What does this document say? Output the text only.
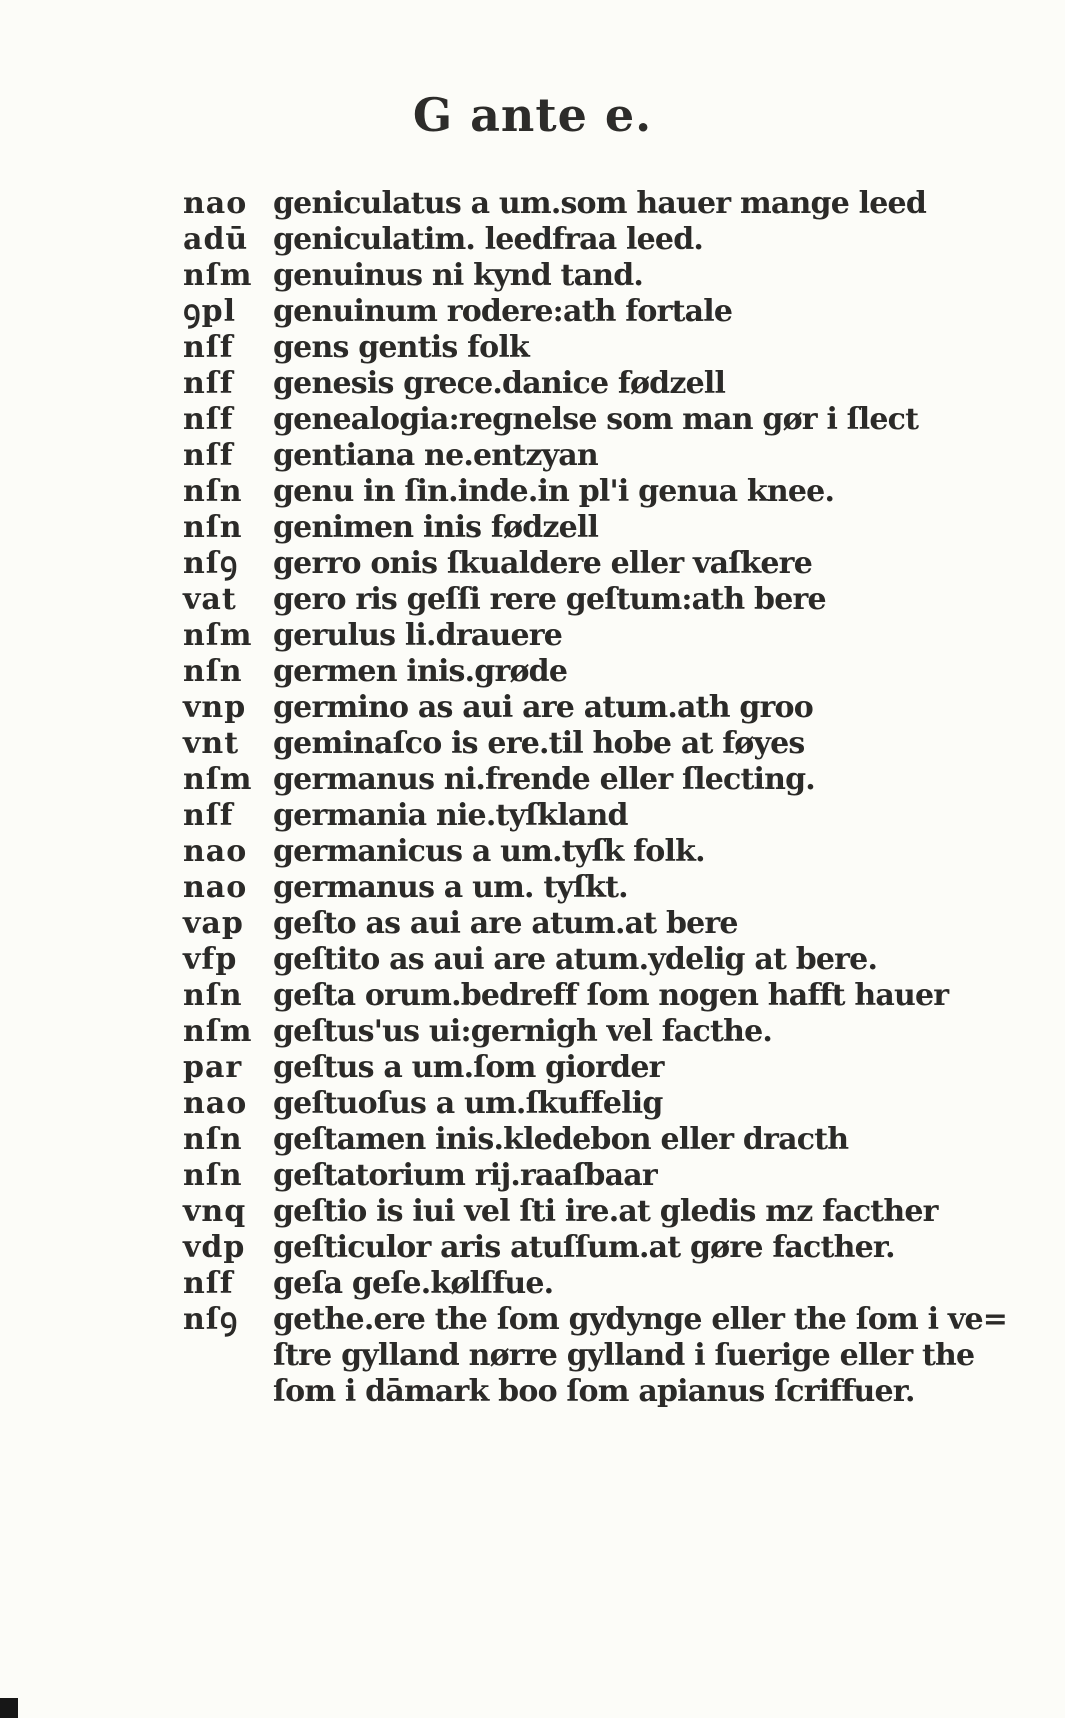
G ante e.
nao geniculatus a um.som hauer mange leed
adū geniculatim. leedfraa leed.
nſm genuinus ni kynd tand.
ꝯpl	genuinum rodere:ath fortale
nſf	gens gentis folk
nſf	genesis grece.danice fødzell
nſf	genealogia:regnelse som man gør i ſlect
nſf	gentiana ne.entzyan
nſn	genu in ſin.inde.in pl'i genua knee.
nſn	genimen inis fødzell
nſꝯ	gerro onis ſkualdere eller vaſkere
vat	gero ris geſſi rere geſtum:ath bere
nſm gerulus li.drauere
nſn	germen inis.grøde
vnp germino as aui are atum.ath groo
vnt	geminaſco is ere.til hobe at føyes
nſm germanus ni.frende eller ſlecting.
nſf	germania nie.tyſkland
nao germanicus a um.tyſk folk.
nao germanus a um. tyſkt.
vap geſto as aui are atum.at bere
vfp	geſtito as aui are atum.ydelig at bere.
nſn	geſta orum.bedreff ſom nogen hafft hauer
nſm geſtus'us ui:gernigh vel facthe.
par	geſtus a um.ſom giorder
nao geſtuoſus a um.ſkuffelig
nſn	geſtamen inis.kledebon eller dracth
nſn	geſtatorium rij.raaſbaar
vnq geſtio is iui vel ſti ire.at gledis mz facther
vdp geſticulor aris atuſſum.at gøre facther.
nſf	geſa geſe.kølſfue.
nſꝯ	gethe.ere the ſom gydynge eller the ſom i ve=
ſtre gylland nørre gylland i ſuerige eller the
ſom i dāmark boo ſom apianus ſcriffuer.
